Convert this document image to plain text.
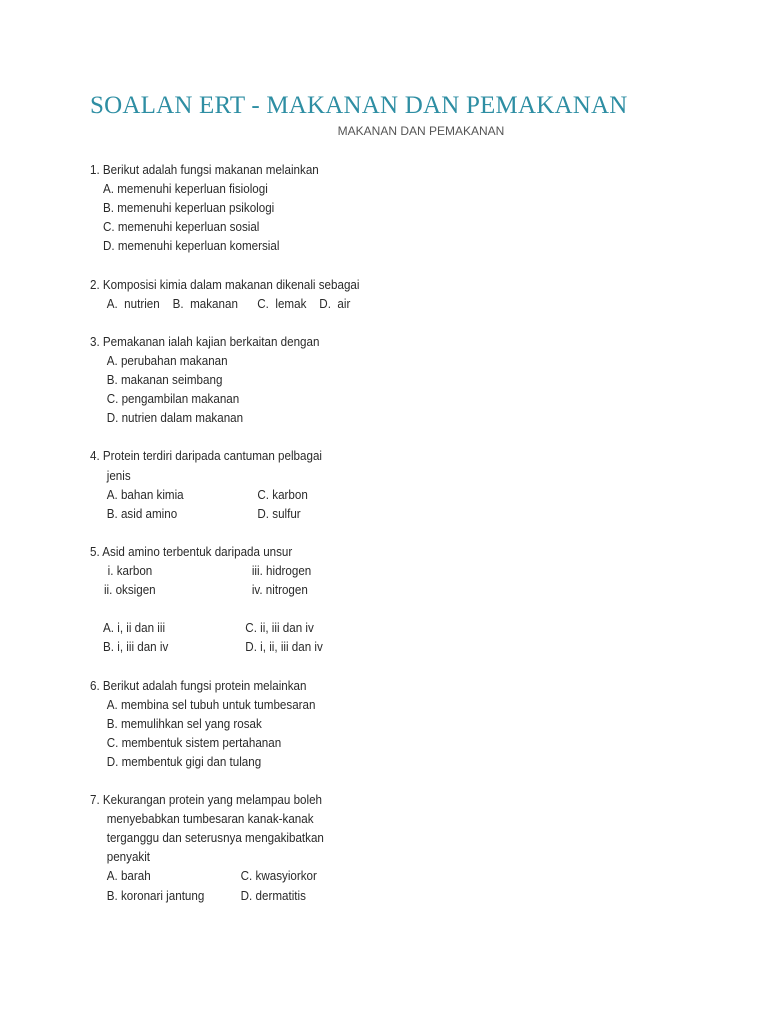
SOALAN ERT - MAKANAN DAN PEMAKANAN
MAKANAN DAN PEMAKANAN
1. Berikut adalah fungsi makanan melainkan
A. memenuhi keperluan fisiologi
B. memenuhi keperluan psikologi
C. memenuhi keperluan sosial
D. memenuhi keperluan komersial
2. Komposisi kimia dalam makanan dikenali sebagai
A.  nutrien    B.  makanan      C.  lemak    D.  air
3. Pemakanan ialah kajian berkaitan dengan
A. perubahan makanan
B. makanan seimbang
C. pengambilan makanan
D. nutrien dalam makanan
4. Protein terdiri daripada cantuman pelbagai
jenis
A. bahan kimia	C. karbon
B. asid amino	D. sulfur
5. Asid amino terbentuk daripada unsur
i. karbon	iii. hidrogen
ii. oksigen	iv. nitrogen
A. i, ii dan iii	C. ii, iii dan iv
B. i, iii dan iv	D. i, ii, iii dan iv
6. Berikut adalah fungsi protein melainkan
A. membina sel tubuh untuk tumbesaran
B. memulihkan sel yang rosak
C. membentuk sistem pertahanan
D. membentuk gigi dan tulang
7. Kekurangan protein yang melampau boleh
menyebabkan tumbesaran kanak-kanak
terganggu dan seterusnya mengakibatkan
penyakit
A. barah	C. kwasyiorkor
B. koronari jantung	D. dermatitis
